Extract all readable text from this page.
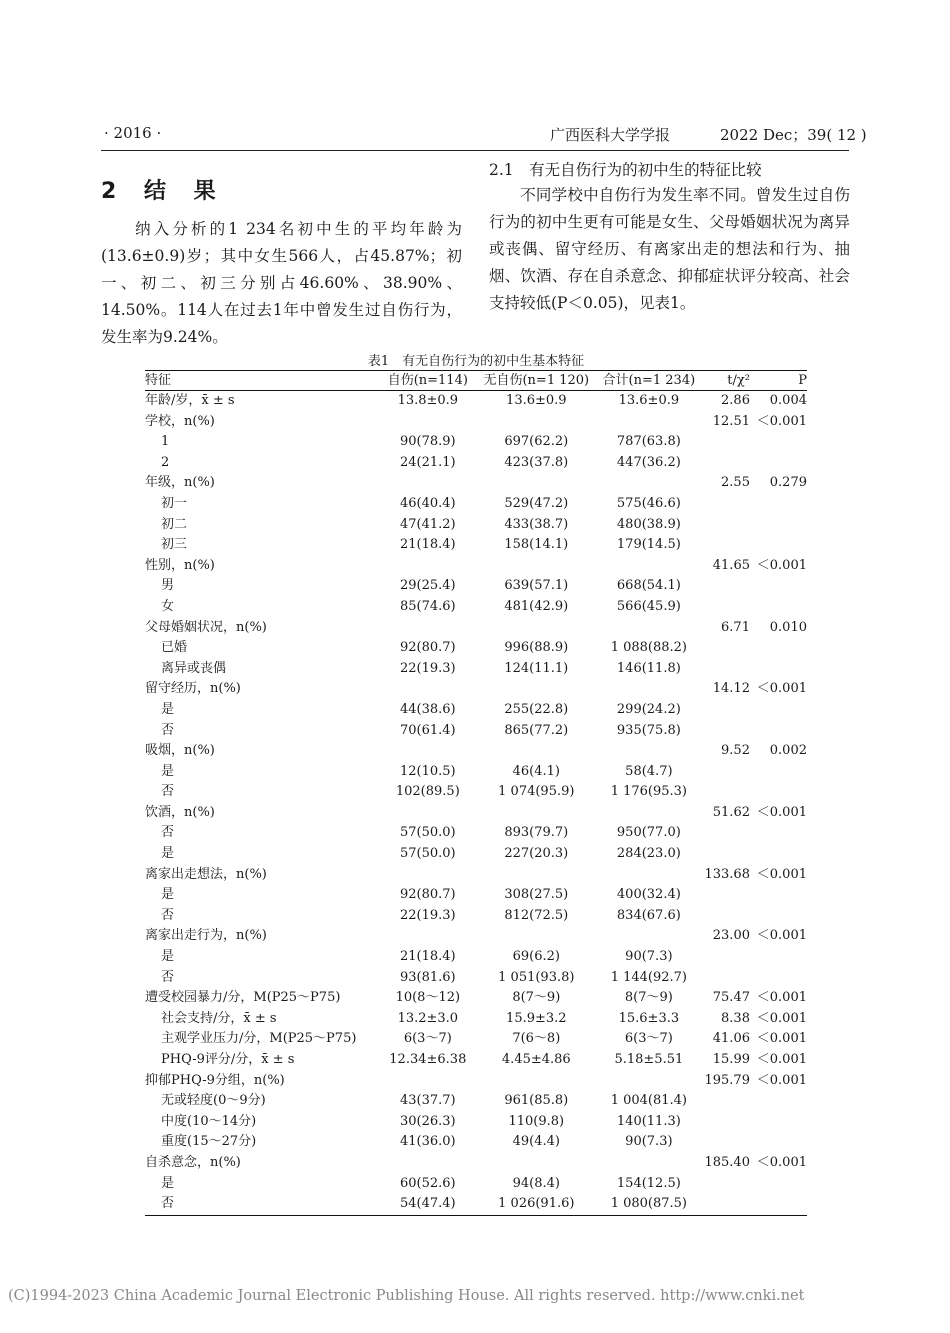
· 2016 ·	广西医科大学学报	2022 Dec；39( 12 )
2 结 果
纳入分析的1 234名初中生的平均年龄为(13.6±0.9)岁；其中女生566人，占45.87%；初一、初二、初三分别占46.60%、38.90%、14.50%。114人在过去1年中曾发生过自伤行为，发生率为9.24%。
2.1　有无自伤行为的初中生的特征比较
不同学校中自伤行为发生率不同。曾发生过自伤行为的初中生更有可能是女生、父母婚姻状况为离异或丧偶、留守经历、有离家出走的想法和行为、抽烟、饮酒、存在自杀意念、抑郁症状评分较高、社会支持较低(P＜0.05)，见表1。
表1　有无自伤行为的初中生基本特征
特征	自伤(n=114)	无自伤(n=1 120)	合计(n=1 234)	t/χ²	P
年龄/岁，x̄ ± s	13.8±0.9	13.6±0.9	13.6±0.9	2.86	0.004
学校，n(%)				12.51	＜0.001
1	90(78.9)	697(62.2)	787(63.8)		
2	24(21.1)	423(37.8)	447(36.2)		
年级，n(%)				2.55	0.279
初一	46(40.4)	529(47.2)	575(46.6)		
初二	47(41.2)	433(38.7)	480(38.9)		
初三	21(18.4)	158(14.1)	179(14.5)		
性别，n(%)				41.65	＜0.001
男	29(25.4)	639(57.1)	668(54.1)		
女	85(74.6)	481(42.9)	566(45.9)		
父母婚姻状况，n(%)				6.71	0.010
已婚	92(80.7)	996(88.9)	1 088(88.2)		
离异或丧偶	22(19.3)	124(11.1)	146(11.8)		
留守经历，n(%)				14.12	＜0.001
是	44(38.6)	255(22.8)	299(24.2)		
否	70(61.4)	865(77.2)	935(75.8)		
吸烟，n(%)				9.52	0.002
是	12(10.5)	46(4.1)	58(4.7)		
否	102(89.5)	1 074(95.9)	1 176(95.3)		
饮酒，n(%)				51.62	＜0.001
否	57(50.0)	893(79.7)	950(77.0)		
是	57(50.0)	227(20.3)	284(23.0)		
离家出走想法，n(%)				133.68	＜0.001
是	92(80.7)	308(27.5)	400(32.4)		
否	22(19.3)	812(72.5)	834(67.6)		
离家出走行为，n(%)				23.00	＜0.001
是	21(18.4)	69(6.2)	90(7.3)		
否	93(81.6)	1 051(93.8)	1 144(92.7)		
遭受校园暴力/分，M(P25～P75)	10(8～12)	8(7～9)	8(7～9)	75.47	＜0.001
社会支持/分，x̄ ± s	13.2±3.0	15.9±3.2	15.6±3.3	8.38	＜0.001
主观学业压力/分，M(P25～P75)	6(3～7)	7(6～8)	6(3～7)	41.06	＜0.001
PHQ-9评分/分，x̄ ± s	12.34±6.38	4.45±4.86	5.18±5.51	15.99	＜0.001
抑郁PHQ-9分组，n(%)				195.79	＜0.001
无或轻度(0～9分)	43(37.7)	961(85.8)	1 004(81.4)		
中度(10～14分)	30(26.3)	110(9.8)	140(11.3)		
重度(15～27分)	41(36.0)	49(4.4)	90(7.3)		
自杀意念，n(%)				185.40	＜0.001
是	60(52.6)	94(8.4)	154(12.5)		
否	54(47.4)	1 026(91.6)	1 080(87.5)		
(C)1994-2023 China Academic Journal Electronic Publishing House. All rights reserved. http://www.cnki.net
